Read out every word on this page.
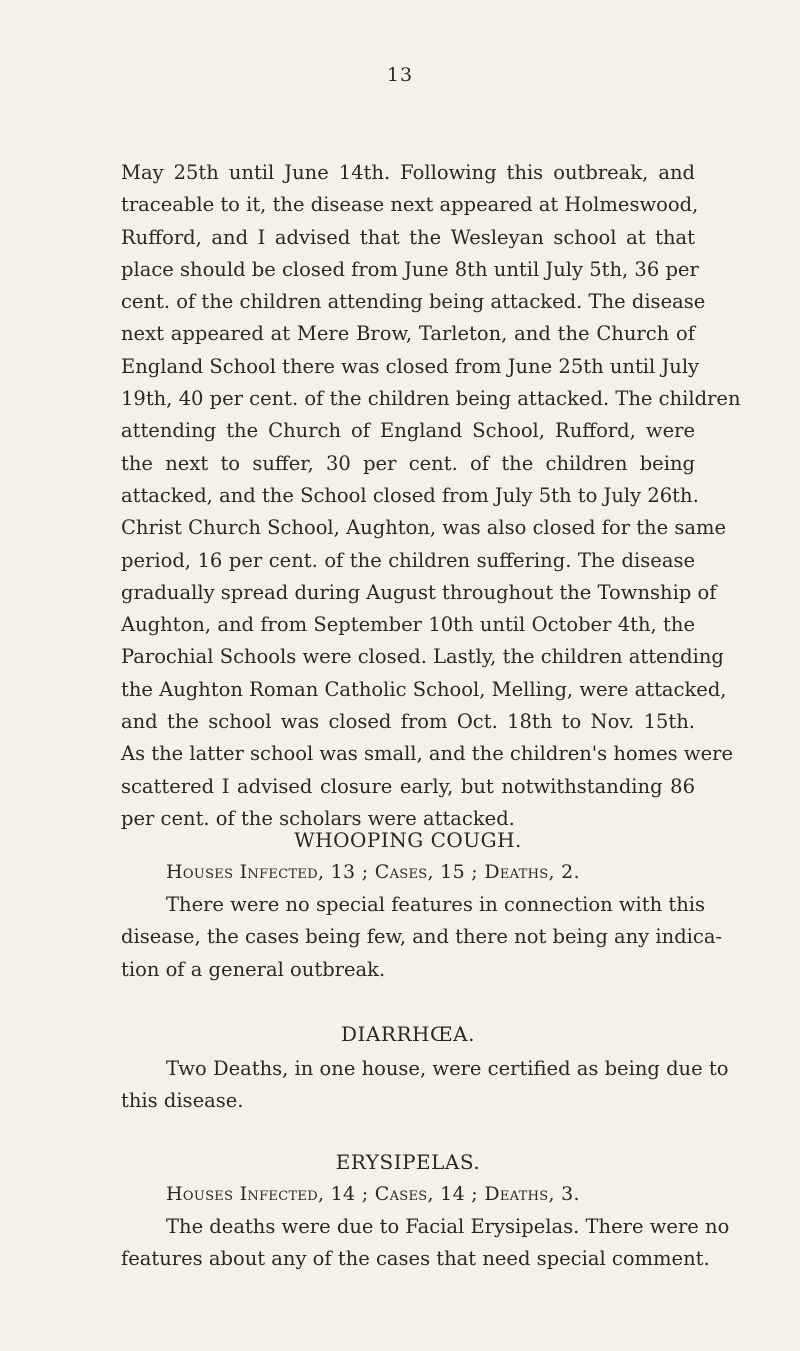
13
May 25th until June 14th. Following this outbreak, and
traceable to it, the disease next appeared at Holmeswood,
Rufford, and I advised that the Wesleyan school at that
place should be closed from June 8th until July 5th, 36 per
cent. of the children attending being attacked. The disease
next appeared at Mere Brow, Tarleton, and the Church of
England School there was closed from June 25th until July
19th, 40 per cent. of the children being attacked. The children
attending the Church of England School, Rufford, were
the next to suffer, 30 per cent. of the children being
attacked, and the School closed from July 5th to July 26th.
Christ Church School, Aughton, was also closed for the same
period, 16 per cent. of the children suffering. The disease
gradually spread during August throughout the Township of
Aughton, and from September 10th until October 4th, the
Parochial Schools were closed. Lastly, the children attending
the Aughton Roman Catholic School, Melling, were attacked,
and the school was closed from Oct. 18th to Nov. 15th.
As the latter school was small, and the children's homes were
scattered I advised closure early, but notwithstanding 86
per cent. of the scholars were attacked.
WHOOPING COUGH.
Houses Infected, 13 ; Cases, 15 ; Deaths, 2.
There were no special features in connection with this
disease, the cases being few, and there not being any indica-
tion of a general outbreak.
DIARRHŒA.
Two Deaths, in one house, were certified as being due to
this disease.
ERYSIPELAS.
Houses Infected, 14 ; Cases, 14 ; Deaths, 3.
The deaths were due to Facial Erysipelas. There were no
features about any of the cases that need special comment.
